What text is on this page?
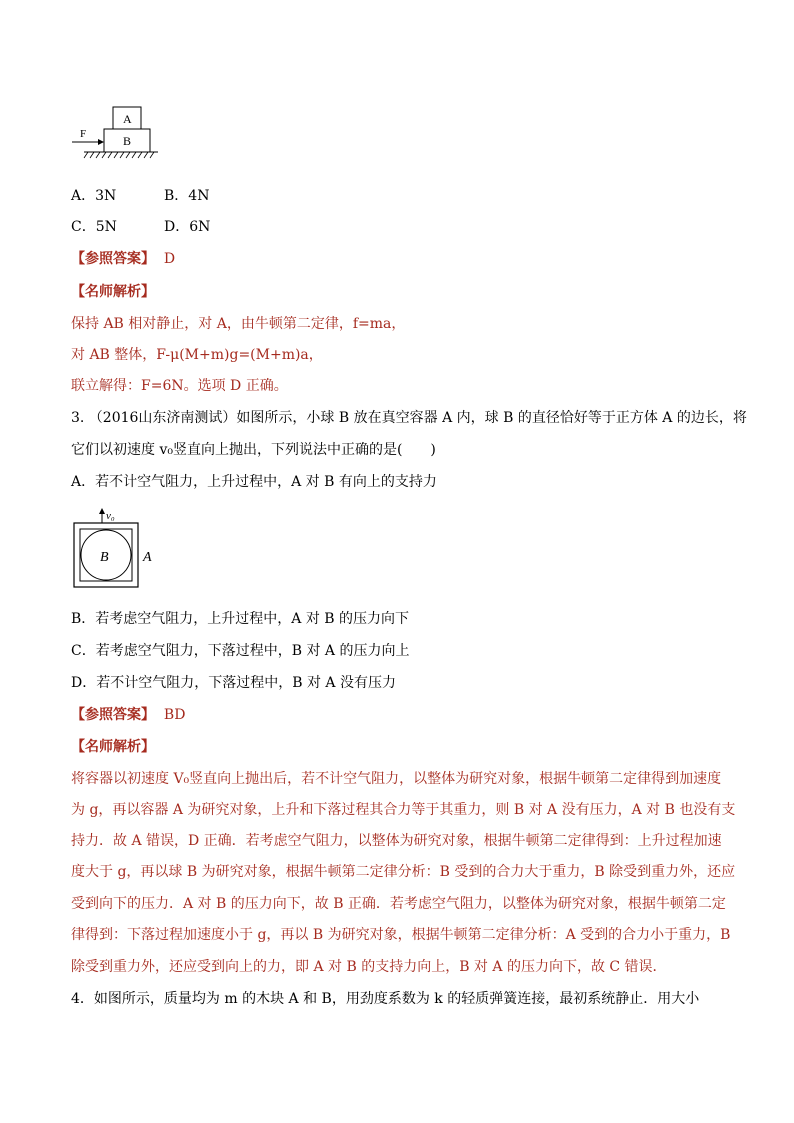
A
B
F
A．3N	B．4N
C．5N	D．6N
【参照答案】 D
【名师解析】
保持 AB 相对静止，对 A，由牛顿第二定律，f=ma，
对 AB 整体，F-μ(M+m)g=(M+m)a，
联立解得：F=6N。选项 D 正确。
3. （2016山东济南测试）如图所示，小球 B 放在真空容器 A 内，球 B 的直径恰好等于正方体 A 的边长，将
它们以初速度 v₀竖直向上抛出，下列说法中正确的是(　　)
A．若不计空气阻力，上升过程中，A 对 B 有向上的支持力
v₀
B A
B．若考虑空气阻力，上升过程中，A 对 B 的压力向下
C．若考虑空气阻力，下落过程中，B 对 A 的压力向上
D．若不计空气阻力，下落过程中，B 对 A 没有压力
【参照答案】 BD
【名师解析】
将容器以初速度 V₀竖直向上抛出后，若不计空气阻力，以整体为研究对象，根据牛顿第二定律得到加速度
为 g，再以容器 A 为研究对象，上升和下落过程其合力等于其重力，则 B 对 A 没有压力，A 对 B 也没有支
持力．故 A 错误，D 正确．若考虑空气阻力，以整体为研究对象，根据牛顿第二定律得到：上升过程加速
度大于 g，再以球 B 为研究对象，根据牛顿第二定律分析：B 受到的合力大于重力，B 除受到重力外，还应
受到向下的压力．A 对 B 的压力向下，故 B 正确．若考虑空气阻力，以整体为研究对象，根据牛顿第二定
律得到：下落过程加速度小于 g，再以 B 为研究对象，根据牛顿第二定律分析：A 受到的合力小于重力，B
除受到重力外，还应受到向上的力，即 A 对 B 的支持力向上，B 对 A 的压力向下，故 C 错误．
4．如图所示，质量均为 m 的木块 A 和 B，用劲度系数为 k 的轻质弹簧连接，最初系统静止．用大小
